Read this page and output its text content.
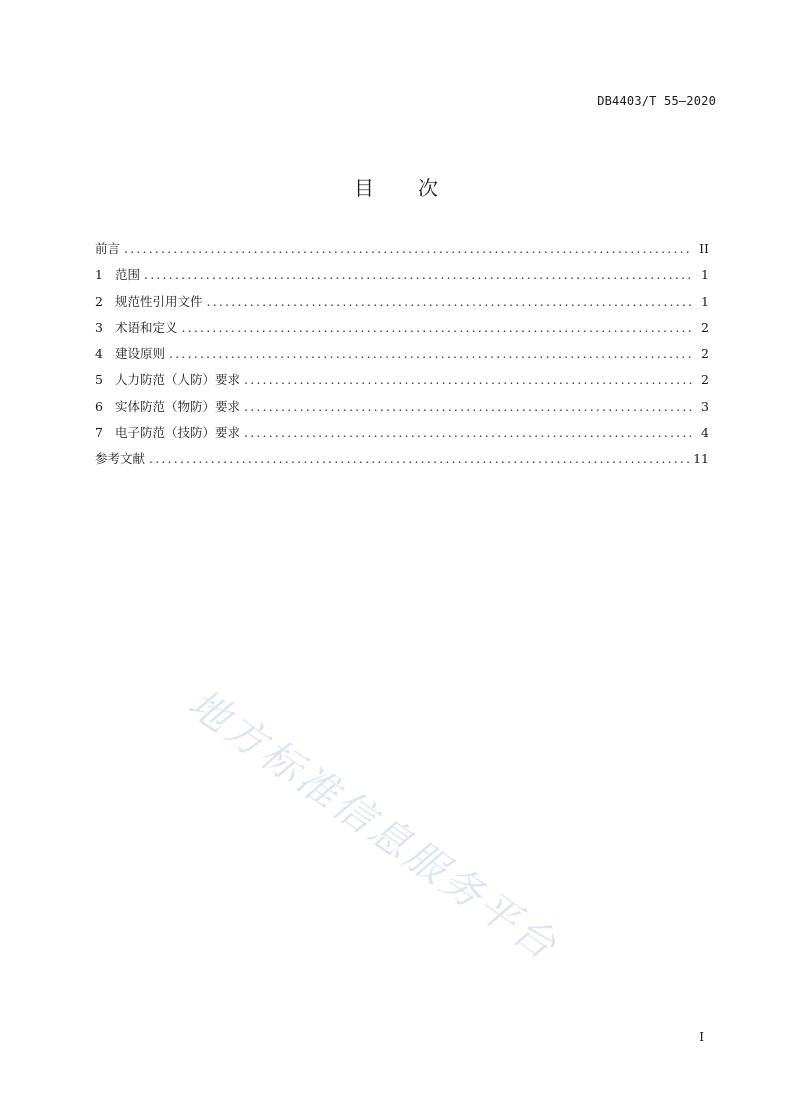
DB4403/T 55—2020
目 次
前言 .....	II
1 范围 .....	1
2 规范性引用文件 .....	1
3 术语和定义 .....	2
4 建设原则 .....	2
5 人力防范（人防）要求 .....	2
6 实体防范（物防）要求 .....	3
7 电子防范（技防）要求 .....	4
参考文献 .....	11
地方标准信息服务平台
I
